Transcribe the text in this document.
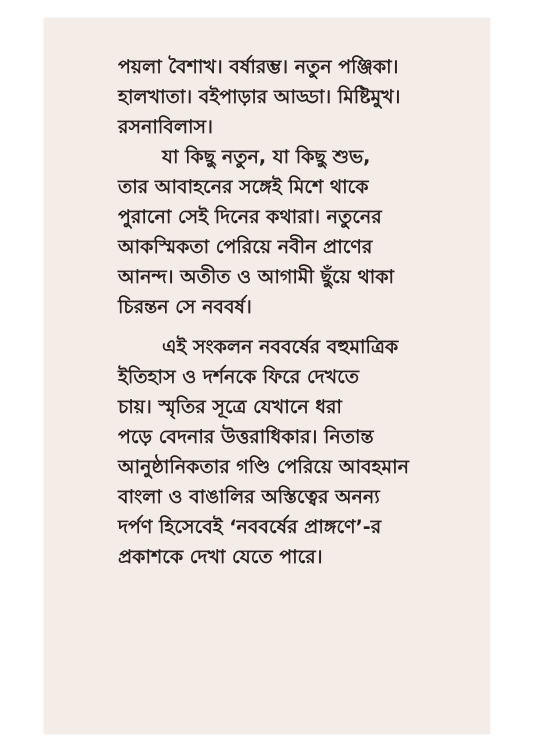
পয়লা বৈশাখ। বর্ষারম্ভ। নতুন পঞ্জিকা।
হালখাতা। বইপাড়ার আড্ডা। মিষ্টিমুখ।
রসনাবিলাস।
যা কিছু নতুন, যা কিছু শুভ,
তার আবাহনের সঙ্গেই মিশে থাকে
পুরানো সেই দিনের কথারা। নতুনের
আকস্মিকতা পেরিয়ে নবীন প্রাণের
আনন্দ। অতীত ও আগামী ছুঁয়ে থাকা
চিরন্তন সে নববর্ষ।
এই সংকলন নববর্ষের বহুমাত্রিক
ইতিহাস ও দর্শনকে ফিরে দেখতে
চায়। স্মৃতির সূত্রে যেখানে ধরা
পড়ে বেদনার উত্তরাধিকার। নিতান্ত
আনুষ্ঠানিকতার গণ্ডি পেরিয়ে আবহমান
বাংলা ও বাঙালির অস্তিত্বের অনন্য
দর্পণ হিসেবেই ‘নববর্ষের প্রাঙ্গণে’-র
প্রকাশকে দেখা যেতে পারে।
